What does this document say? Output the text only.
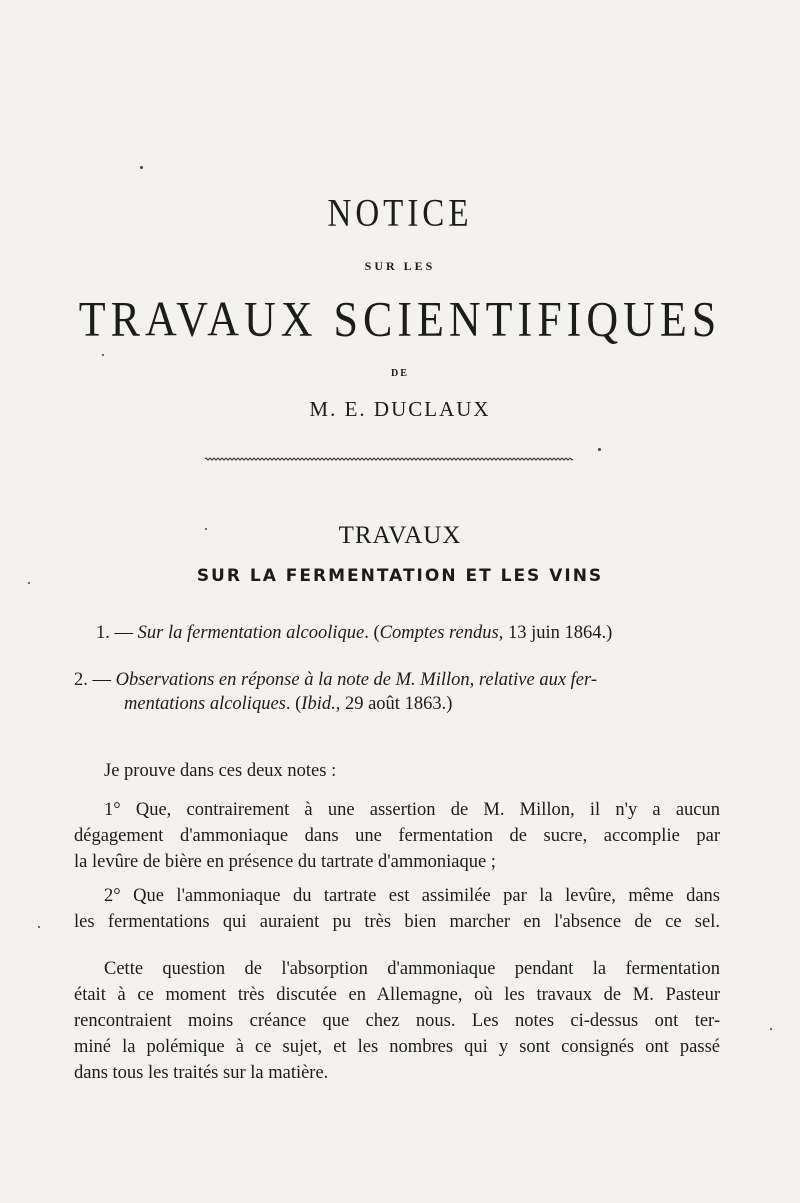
NOTICE
SUR LES
TRAVAUX SCIENTIFIQUES
DE
M. E. DUCLAUX
TRAVAUX
SUR LA FERMENTATION ET LES VINS
1. — Sur la fermentation alcoolique. (Comptes rendus, 13 juin 1864.)
2. — Observations en réponse à la note de M. Millon, relative aux fer-
mentations alcoliques. (Ibid., 29 août 1863.)
Je prouve dans ces deux notes :
1° Que, contrairement à une assertion de M. Millon, il n'y a aucun
dégagement d'ammoniaque dans une fermentation de sucre, accomplie par
la levûre de bière en présence du tartrate d'ammoniaque ;
2° Que l'ammoniaque du tartrate est assimilée par la levûre, même dans
les fermentations qui auraient pu très bien marcher en l'absence de ce sel.
Cette question de l'absorption d'ammoniaque pendant la fermentation
était à ce moment très discutée en Allemagne, où les travaux de M. Pasteur
rencontraient moins créance que chez nous. Les notes ci-dessus ont ter-
miné la polémique à ce sujet, et les nombres qui y sont consignés ont passé
dans tous les traités sur la matière.
